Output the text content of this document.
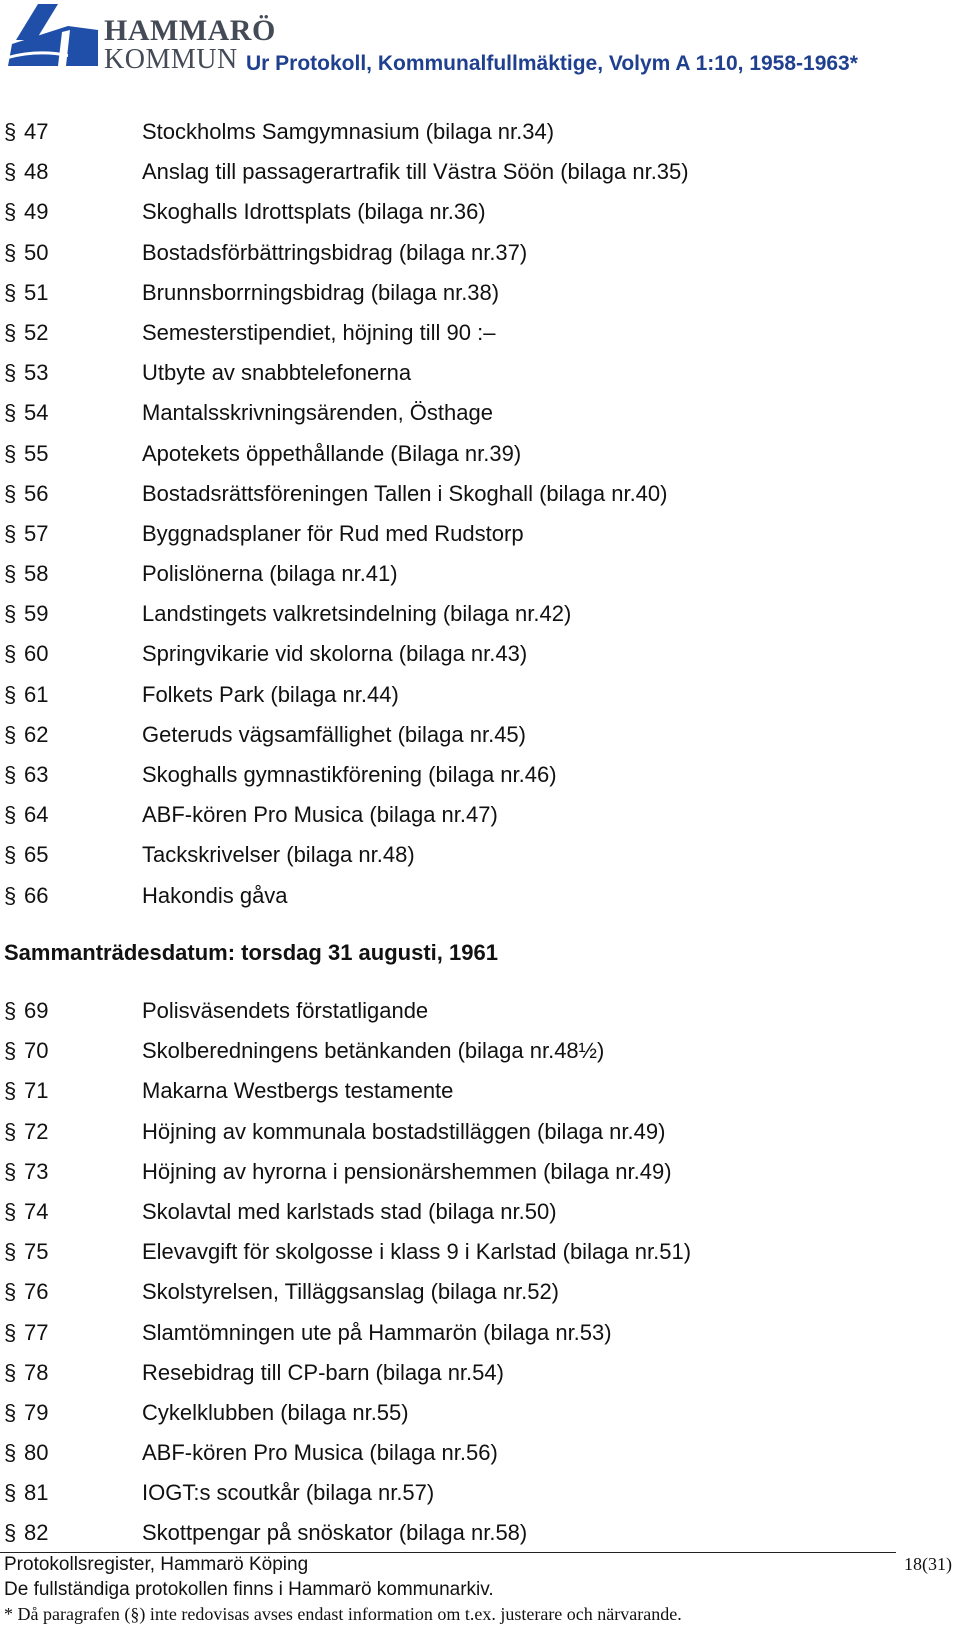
HAMMARÖ
KOMMUN Ur Protokoll, Kommunalfullmäktige, Volym A 1:10, 1958-1963*
§ 47	Stockholms Samgymnasium (bilaga nr.34)
§ 48	Anslag till passagerartrafik till Västra Söön (bilaga nr.35)
§ 49	Skoghalls Idrottsplats (bilaga nr.36)
§ 50	Bostadsförbättringsbidrag (bilaga nr.37)
§ 51	Brunnsborrningsbidrag (bilaga nr.38)
§ 52	Semesterstipendiet, höjning till 90 :–
§ 53	Utbyte av snabbtelefonerna
§ 54	Mantalsskrivningsärenden, Östhage
§ 55	Apotekets öppethållande (Bilaga nr.39)
§ 56	Bostadsrättsföreningen Tallen i Skoghall (bilaga nr.40)
§ 57	Byggnadsplaner för Rud med Rudstorp
§ 58	Polislönerna (bilaga nr.41)
§ 59	Landstingets valkretsindelning (bilaga nr.42)
§ 60	Springvikarie vid skolorna (bilaga nr.43)
§ 61	Folkets Park (bilaga nr.44)
§ 62	Geteruds vägsamfällighet (bilaga nr.45)
§ 63	Skoghalls gymnastikförening (bilaga nr.46)
§ 64	ABF-kören Pro Musica (bilaga nr.47)
§ 65	Tackskrivelser (bilaga nr.48)
§ 66	Hakondis gåva
Sammanträdesdatum: torsdag 31 augusti, 1961
§ 69	Polisväsendets förstatligande
§ 70	Skolberedningens betänkanden (bilaga nr.48½)
§ 71	Makarna Westbergs testamente
§ 72	Höjning av kommunala bostadstilläggen (bilaga nr.49)
§ 73	Höjning av hyrorna i pensionärshemmen (bilaga nr.49)
§ 74	Skolavtal med karlstads stad (bilaga nr.50)
§ 75	Elevavgift för skolgosse i klass 9 i Karlstad (bilaga nr.51)
§ 76	Skolstyrelsen, Tilläggsanslag (bilaga nr.52)
§ 77	Slamtömningen ute på Hammarön (bilaga nr.53)
§ 78	Resebidrag till CP-barn (bilaga nr.54)
§ 79	Cykelklubben (bilaga nr.55)
§ 80	ABF-kören Pro Musica (bilaga nr.56)
§ 81	IOGT:s scoutkår (bilaga nr.57)
§ 82	Skottpengar på snöskator (bilaga nr.58)
Protokollsregister, Hammarö Köping
De fullständiga protokollen finns i Hammarö kommunarkiv.
* Då paragrafen (§) inte redovisas avses endast information om t.ex. justerare och närvarande.
18(31)
